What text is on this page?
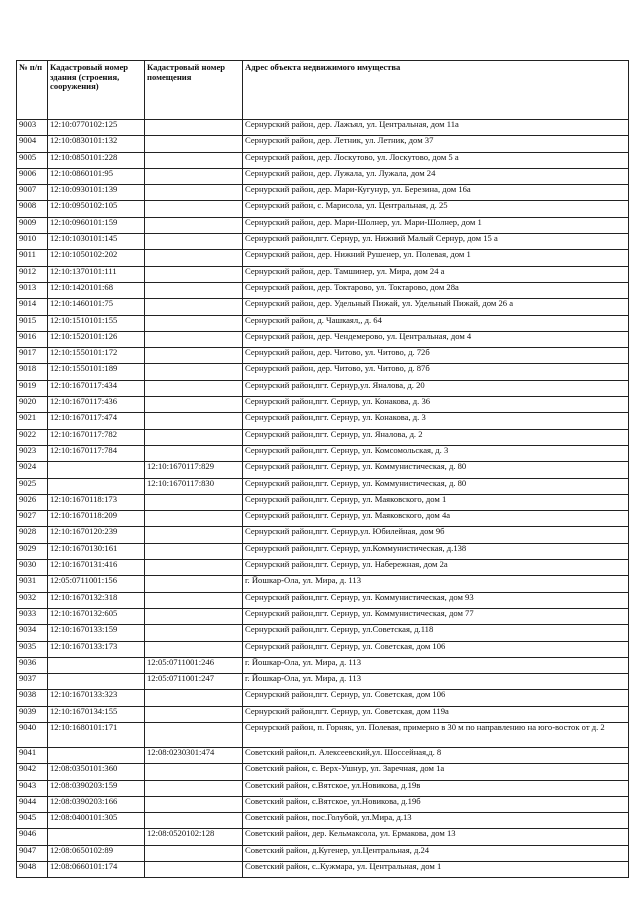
№ п/п	Кадастровый номер здания (строения, сооружения)	Кадастровый номер помещения	Адрес объекта недвижимого имущества
9003	12:10:0770102:125		Сернурский район, дер. Лажъял, ул. Центральная, дом 11а
9004	12:10:0830101:132		Сернурский район, дер. Летник, ул. Летник, дом 37
9005	12:10:0850101:228		Сернурский район, дер. Лоскутово, ул. Лоскутово, дом 5 а
9006	12:10:0860101:95		Сернурский район, дер. Лужала, ул. Лужала, дом 24
9007	12:10:0930101:139		Сернурский район, дер. Мари-Кугунур, ул. Березина, дом 16а
9008	12:10:0950102:105		Сернурский район, с. Марисола, ул. Центральная, д. 25
9009	12:10:0960101:159		Сернурский район, дер. Мари-Шолнер, ул. Мари-Шолнер, дом 1
9010	12:10:1030101:145		Сернурский район,пгт. Сернур, ул. Нижний Малый Сернур, дом 15 а
9011	12:10:1050102:202		Сернурский район, дер. Нижний Рушенер, ул. Полевая, дом 1
9012	12:10:1370101:111		Сернурский район, дер. Тамшинер, ул. Мира, дом 24 а
9013	12:10:1420101:68		Сернурский район, дер. Токтарово, ул. Токтарово, дом 28а
9014	12:10:1460101:75		Сернурский район, дер. Удельный Пижай, ул. Удельный Пижай, дом 26 а
9015	12:10:1510101:155		Сернурский район, д. Чашкаял,, д. 64
9016	12:10:1520101:126		Сернурский район, дер. Чендемерово, ул. Центральная, дом 4
9017	12:10:1550101:172		Сернурский район, дер. Читово, ул. Читово, д. 72б
9018	12:10:1550101:189		Сернурский район, дер. Читово, ул. Читово, д. 87б
9019	12:10:1670117:434		Сернурский район,пгт. Сернур,ул. Яналова, д. 20
9020	12:10:1670117:436		Сернурский район,пгт. Сернур, ул. Конакова, д. 36
9021	12:10:1670117:474		Сернурский район,пгт. Сернур, ул. Конакова, д. 3
9022	12:10:1670117:782		Сернурский район,пгт. Сернур, ул. Яналова, д. 2
9023	12:10:1670117:784		Сернурский район,пгт. Сернур, ул. Комсомольская, д. 3
9024		12:10:1670117:829	Сернурский район,пгт. Сернур, ул. Коммунистическая, д. 80
9025		12:10:1670117:830	Сернурский район,пгт. Сернур, ул. Коммунистическая, д. 80
9026	12:10:1670118:173		Сернурский район,пгт. Сернур, ул. Маяковского, дом 1
9027	12:10:1670118:209		Сернурский район,пгт. Сернур, ул. Маяковского, дом 4а
9028	12:10:1670120:239		Сернурский район,пгт. Сернур,ул. Юбилейная, дом 9б
9029	12:10:1670130:161		Сернурский район,пгт. Сернур, ул.Коммунистическая, д.138
9030	12:10:1670131:416		Сернурский район,пгт. Сернур, ул. Набережная, дом 2а
9031	12:05:0711001:156		г. Йошкар-Ола, ул. Мира, д. 113
9032	12:10:1670132:318		Сернурский район,пгт. Сернур, ул. Коммунистическая, дом 93
9033	12:10:1670132:605		Сернурский район,пгт. Сернур, ул. Коммунистическая, дом 77
9034	12:10:1670133:159		Сернурский район,пгт. Сернур, ул.Советская, д.118
9035	12:10:1670133:173		Сернурский район,пгт. Сернур, ул. Советская, дом 106
9036		12:05:0711001:246	г. Йошкар-Ола, ул. Мира, д. 113
9037		12:05:0711001:247	г. Йошкар-Ола, ул. Мира, д. 113
9038	12:10:1670133:323		Сернурский район,пгт. Сернур, ул. Советская, дом 106
9039	12:10:1670134:155		Сернурский район,пгт. Сернур, ул. Советская, дом 119а
9040	12:10:1680101:171		Сернурский район, п. Горняк, ул. Полевая, примерно в 30 м по направлению на юго-восток от д. 2
9041		12:08:0230301:474	Советский район,п. Алексеевский,ул. Шоссейная,д. 8
9042	12:08:0350101:360		Советский район, с. Верх-Ушнур, ул. Заречная, дом 1а
9043	12:08:0390203:159		Советский район, с.Вятское, ул.Новикова, д.19в
9044	12:08:0390203:166		Советский район, с.Вятское, ул.Новикова, д.19б
9045	12:08:0400101:305		Советский район, пос.Голубой, ул.Мира, д.13
9046		12:08:0520102:128	Советский район, дер. Кельмаксола, ул. Ермакова, дом 13
9047	12:08:0650102:89		Советский район, д.Кугенер, ул.Центральная, д.24
9048	12:08:0660101:174		Советский район, с..Кужмара, ул. Центральная, дом 1
